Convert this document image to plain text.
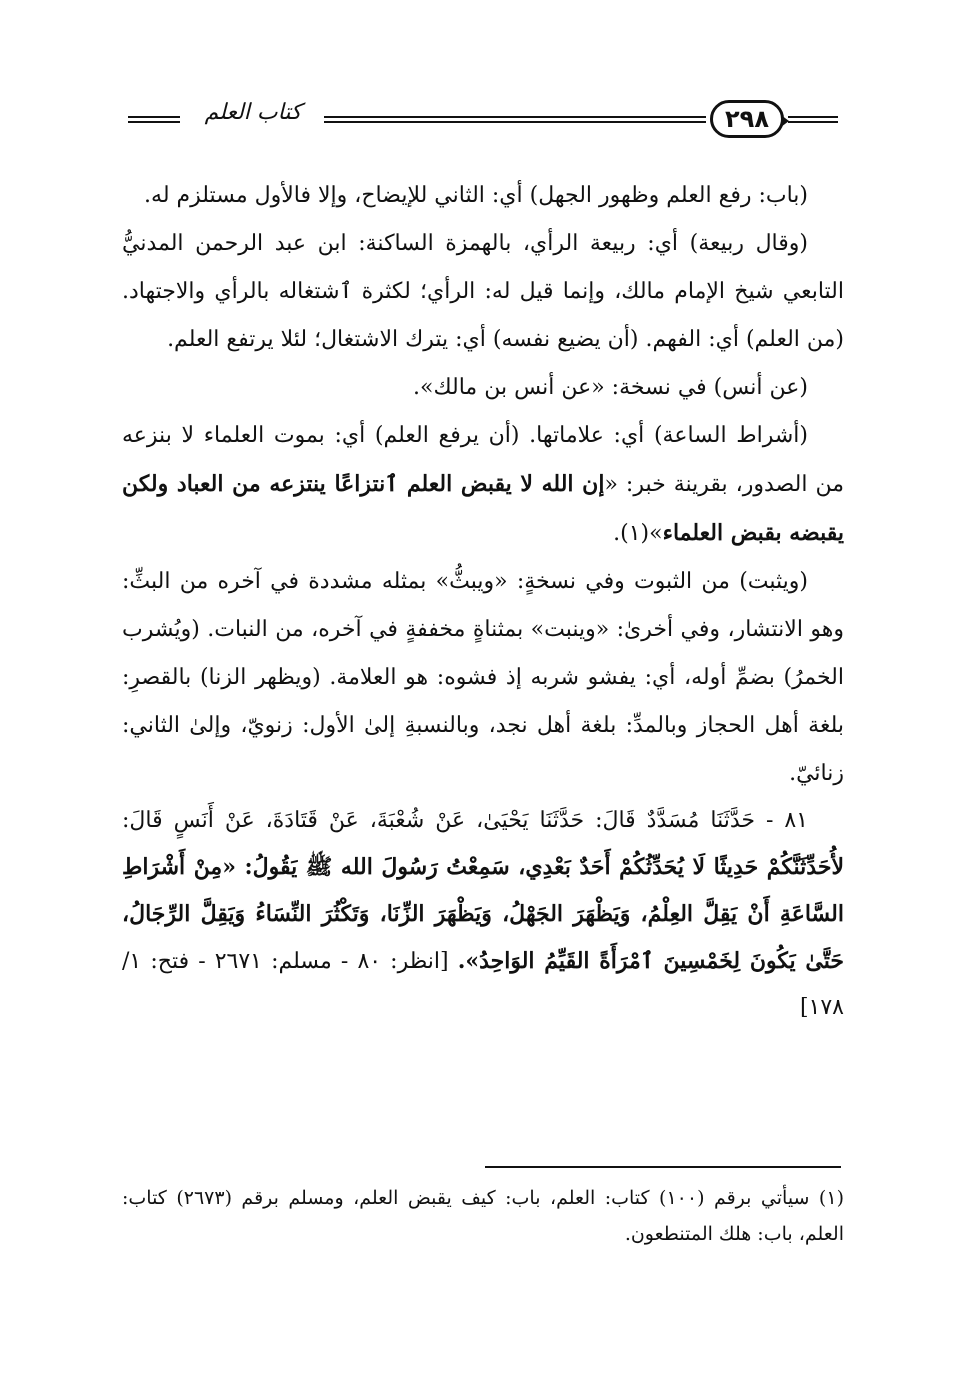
كتاب العلم	٢٩٨

(باب: رفع العلم وظهور الجهل) أي: الثاني للإيضاح، وإلا فالأول مستلزم له.

(وقال ربيعة) أي: ربيعة الرأي، بالهمزة الساكنة: ابن عبد الرحمن المدنيُّ التابعي شيخ الإمام مالك، وإنما قيل له: الرأي؛ لكثرة ٱشتغاله بالرأي والاجتهاد. (من العلم) أي: الفهم. (أن يضيع نفسه) أي: يترك الاشتغال؛ لئلا يرتفع العلم.

(عن أنس) في نسخة: «عن أنس بن مالك».

(أشراط الساعة) أي: علاماتها. (أن يرفع العلم) أي: بموت العلماء لا بنزعه من الصدور، بقرينة خبر: «إن الله لا يقبض العلم ٱنتزاعًا ينتزعه من العباد ولكن يقبضه بقبض العلماء»(١).

(ويثبت) من الثبوت وفي نسخةٍ: «ويبثُّ» بمثله مشددة في آخره من البثِّ: وهو الانتشار، وفي أخرىٰ: «وينبت» بمثناةٍ مخففةٍ في آخره، من النبات. (ويُشرب الخمرُ) بضمِّ أوله، أي: يفشو شربه إذ فشوه: هو العلامة. (ويظهر الزنا) بالقصرِ: بلغة أهل الحجاز وبالمدِّ: بلغة أهل نجد، وبالنسبةِ إلىٰ الأول: زنويّ، وإلىٰ الثاني: زنائيّ.

٨١ - حَدَّثَنَا مُسَدَّدٌ قَالَ: حَدَّثَنَا يَحْيَىٰ، عَنْ شُعْبَةَ، عَنْ قَتَادَةَ، عَنْ أَنَسٍ قَالَ: لأُحَدِّثَنَّكُمْ حَدِيثًا لَا يُحَدِّثُكُمْ أَحَدٌ بَعْدِي، سَمِعْتُ رَسُولَ الله ﷺ يَقُولُ: «مِنْ أَشْرَاطِ السَّاعَةِ أَنْ يَقِلَّ العِلْمُ، وَيَظْهَرَ الجَهْلُ، وَيَظْهَرَ الزِّنَا، وَتَكْثُرَ النِّسَاءُ وَيَقِلَّ الرِّجَالُ، حَتَّىٰ يَكُونَ لِخَمْسِينَ ٱمْرَأَةً القَيِّمُ الوَاحِدُ». [انظر: ٨٠ - مسلم: ٢٦٧١ - فتح: ١/ ١٧٨]

(١) سيأتي برقم (١٠٠) كتاب: العلم، باب: كيف يقبض العلم، ومسلم برقم (٢٦٧٣) كتاب: العلم، باب: هلك المتنطعون.
